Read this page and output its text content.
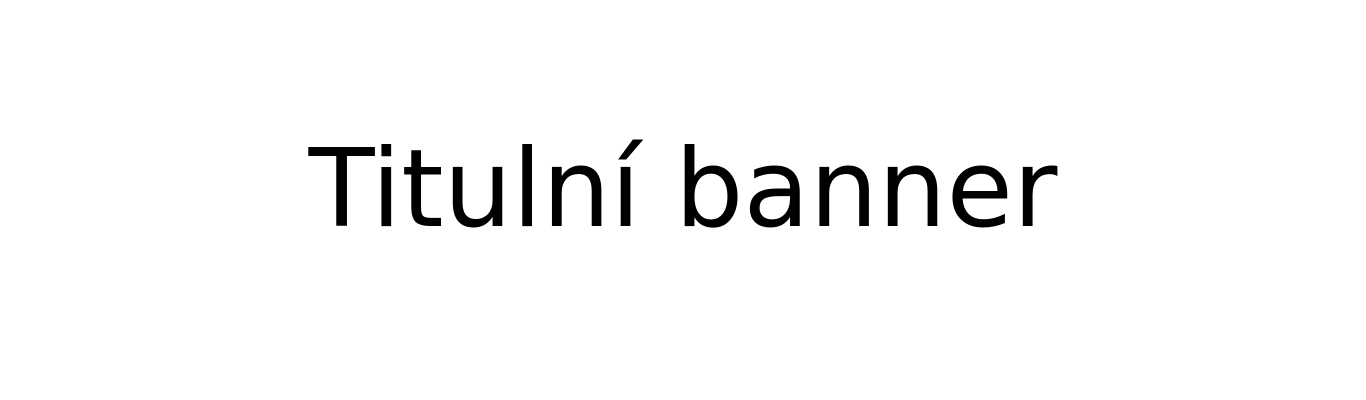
Titulní banner
